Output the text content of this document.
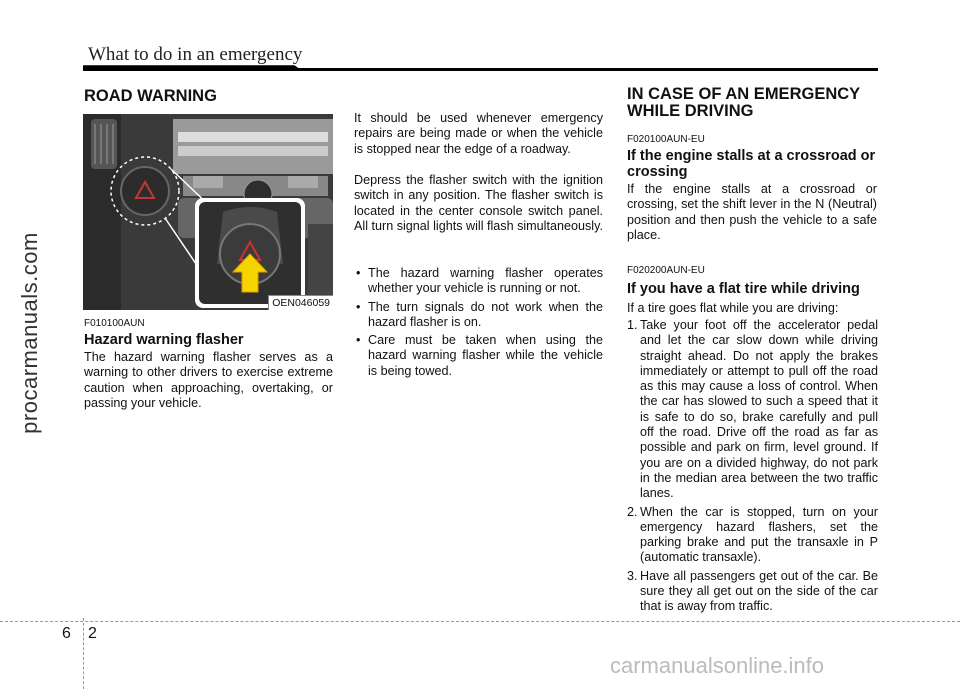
What to do in an emergency
procarmanuals.com
ROAD WARNING
OEN046059
F010100AUN
Hazard warning flasher

The hazard warning flasher serves as a warning to other drivers to exercise extreme caution when approaching, overtaking, or passing your vehicle.

It should be used whenever emergency repairs are being made or when the vehicle is stopped near the edge of a roadway.

Depress the flasher switch with the ignition switch in any position. The flasher switch is located in the center console switch panel. All turn signal lights will flash simultaneously.

• The hazard warning flasher operates whether your vehicle is running or not.
• The turn signals do not work when the hazard flasher is on.
• Care must be taken when using the hazard warning flasher while the vehicle is being towed.
IN CASE OF AN EMERGENCY WHILE DRIVING
F020100AUN-EU
If the engine stalls at a crossroad or crossing

If the engine stalls at a crossroad or crossing, set the shift lever in the N (Neutral) position and then push the vehicle to a safe place.

F020200AUN-EU
If you have a flat tire while driving

If a tire goes flat while you are driving:

1. Take your foot off the accelerator pedal and let the car slow down while driving straight ahead. Do not apply the brakes immediately or attempt to pull off the road as this may cause a loss of control. When the car has slowed to such a speed that it is safe to do so, brake carefully and pull off the road. Drive off the road as far as possible and park on firm, level ground. If you are on a divided highway, do not park in the median area between the two traffic lanes.
2. When the car is stopped, turn on your emergency hazard flashers, set the parking brake and put the transaxle in P (automatic transaxle).
3. Have all passengers get out of the car. Be sure they all get out on the side of the car that is away from traffic.
6 2
carmanualsonline.info
